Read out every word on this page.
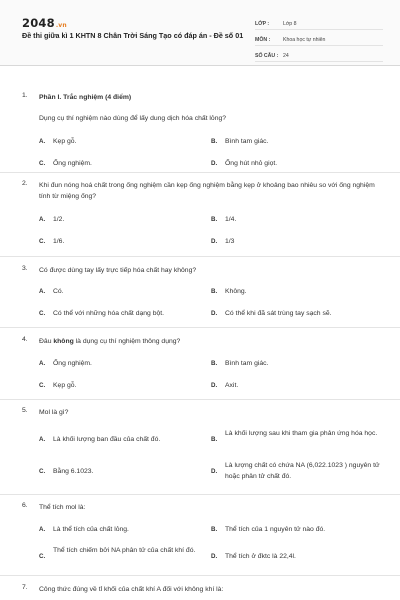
2048.vn
Đề thi giữa kì 1 KHTN 8 Chân Trời Sáng Tạo có đáp án - Đề số 01
LỚP :	Lớp 8
MÔN :	Khoa học tự nhiên
SỐ CÂU : 24
1. Phần I. Trắc nghiệm (4 điểm)
Dụng cụ thí nghiệm nào dùng để lấy dung dịch hóa chất lỏng?
A. Kẹp gỗ.	B. Bình tam giác.
C. Ống nghiệm.	D. Ống hút nhỏ giọt.
2. Khi đun nóng hoá chất trong ống nghiệm cần kẹp ống nghiệm bằng kẹp ở khoảng bao nhiêu so với ống nghiệm tính từ miệng ống?
A. 1/2.	B. 1/4.
C. 1/6.	D. 1/3
3. Có được dùng tay lấy trực tiếp hóa chất hay không?
A. Có.	B. Không.
C. Có thể với những hóa chất dạng bột.	D. Có thể khi đã sát trùng tay sạch sẽ.
4. Đâu không là dụng cụ thí nghiệm thông dụng?
A. Ống nghiệm.	B. Bình tam giác.
C. Kẹp gỗ.	D. Axit.
5. Mol là gì?
A. Là khối lượng ban đầu của chất đó.	B.
Là khối lượng sau khi tham gia phản ứng hóa học.
C. Bằng 6.1023.	D.
Là lượng chất có chứa NA (6,022.1023 ) nguyên tử hoặc phân tử chất đó.
6. Thể tích mol là:
A. Là thể tích của chất lỏng.	B. Thể tích của 1 nguyên tử nào đó.
C.
Thể tích chiếm bởi NA phân tử của chất khí đó.
D. Thể tích ở đktc là 22,4l.
7. Công thức đúng về tỉ khối của chất khí A đối với không khí là:
